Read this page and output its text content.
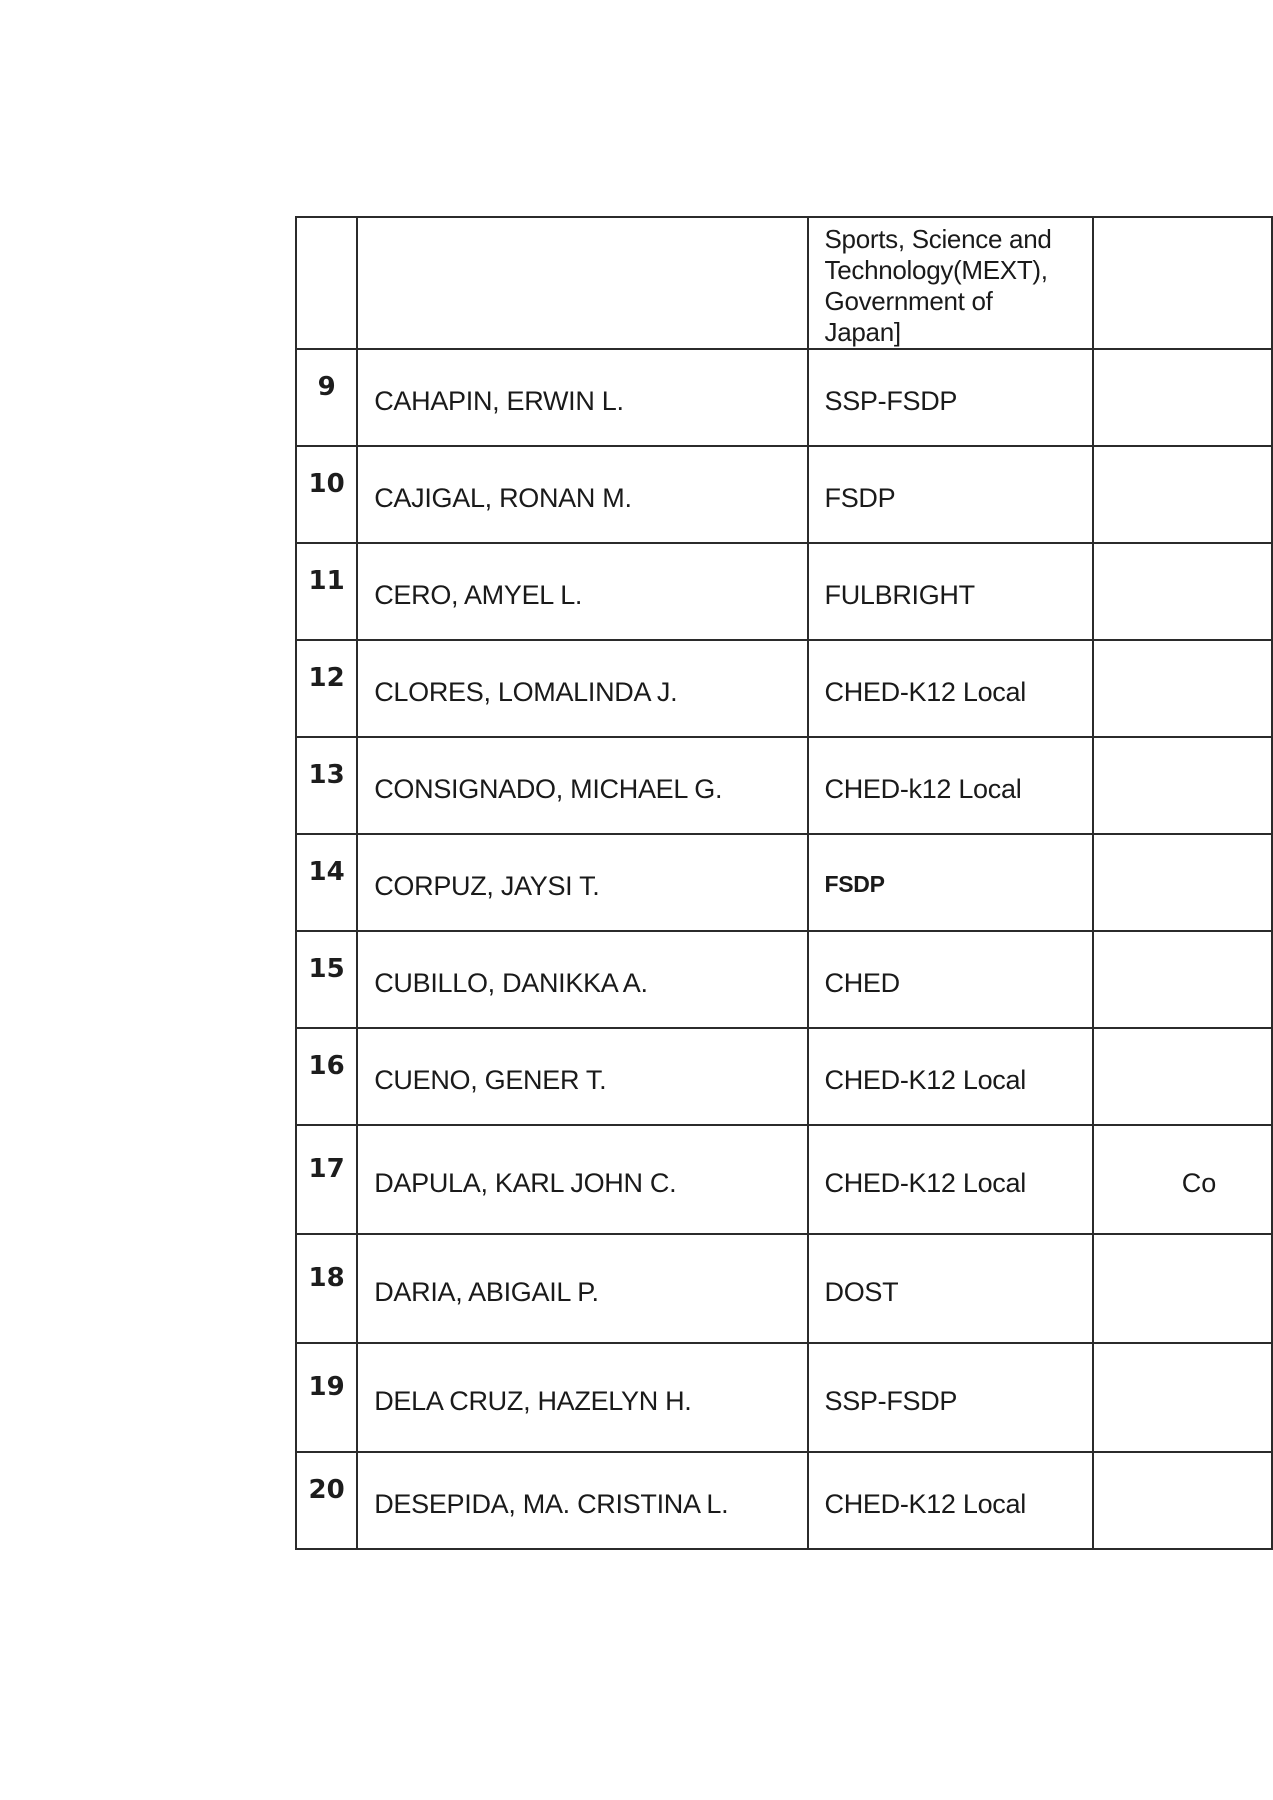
		Sports, Science and
Technology(MEXT),
Government of
Japan]	
9	CAHAPIN, ERWIN L.	SSP-FSDP	
10	CAJIGAL, RONAN M.	FSDP	
11	CERO, AMYEL L.	FULBRIGHT	
12	CLORES, LOMALINDA J.	CHED-K12 Local	
13	CONSIGNADO, MICHAEL G.	CHED-k12 Local	
14	CORPUZ, JAYSI T.	FSDP	
15	CUBILLO, DANIKKA A.	CHED	
16	CUENO, GENER T.	CHED-K12 Local	
17	DAPULA, KARL JOHN C.	CHED-K12 Local	Co
18	DARIA, ABIGAIL P.	DOST	
19	DELA CRUZ, HAZELYN H.	SSP-FSDP	
20	DESEPIDA, MA. CRISTINA L.	CHED-K12 Local	
